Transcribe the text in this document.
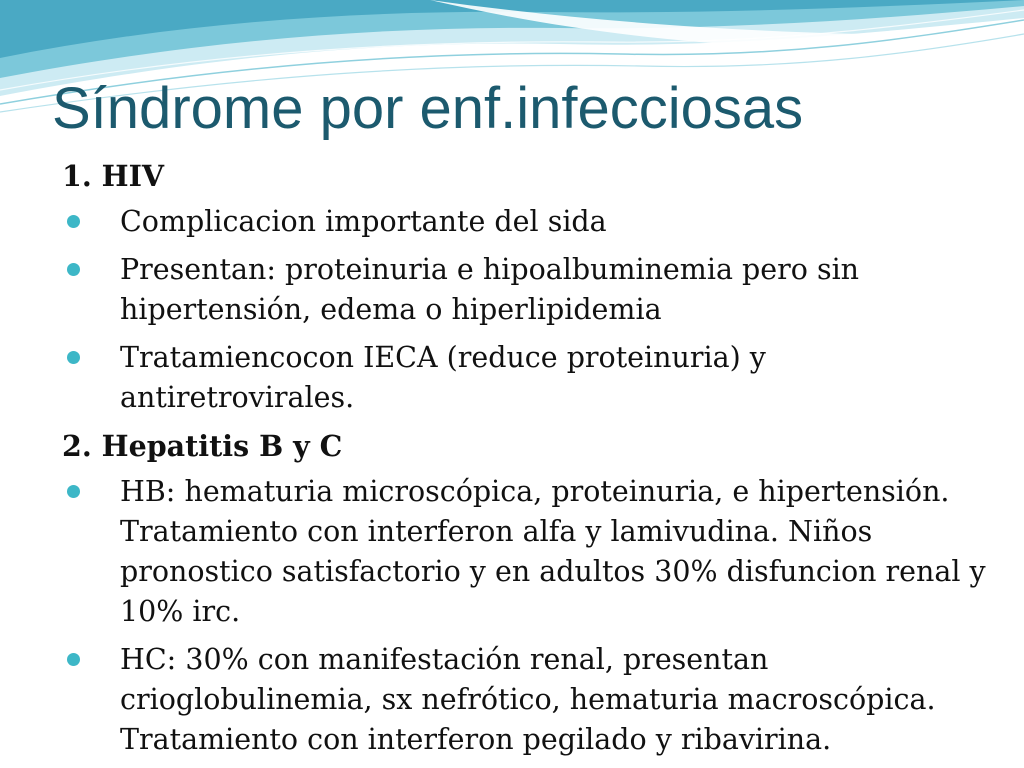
Síndrome por enf.infecciosas
1. HIV
Complicacion importante del sida
Presentan: proteinuria e hipoalbuminemia pero sin hipertensión, edema o hiperlipidemia
Tratamiencocon IECA (reduce proteinuria) y antiretrovirales.
2. Hepatitis B y C
HB: hematuria microscópica, proteinuria, e hipertensión. Tratamiento con interferon alfa y lamivudina. Niños pronostico satisfactorio y en adultos 30% disfuncion renal y 10% irc.
HC: 30% con manifestación renal, presentan crioglobulinemia, sx nefrótico, hematuria macroscópica. Tratamiento con interferon pegilado y ribavirina.
